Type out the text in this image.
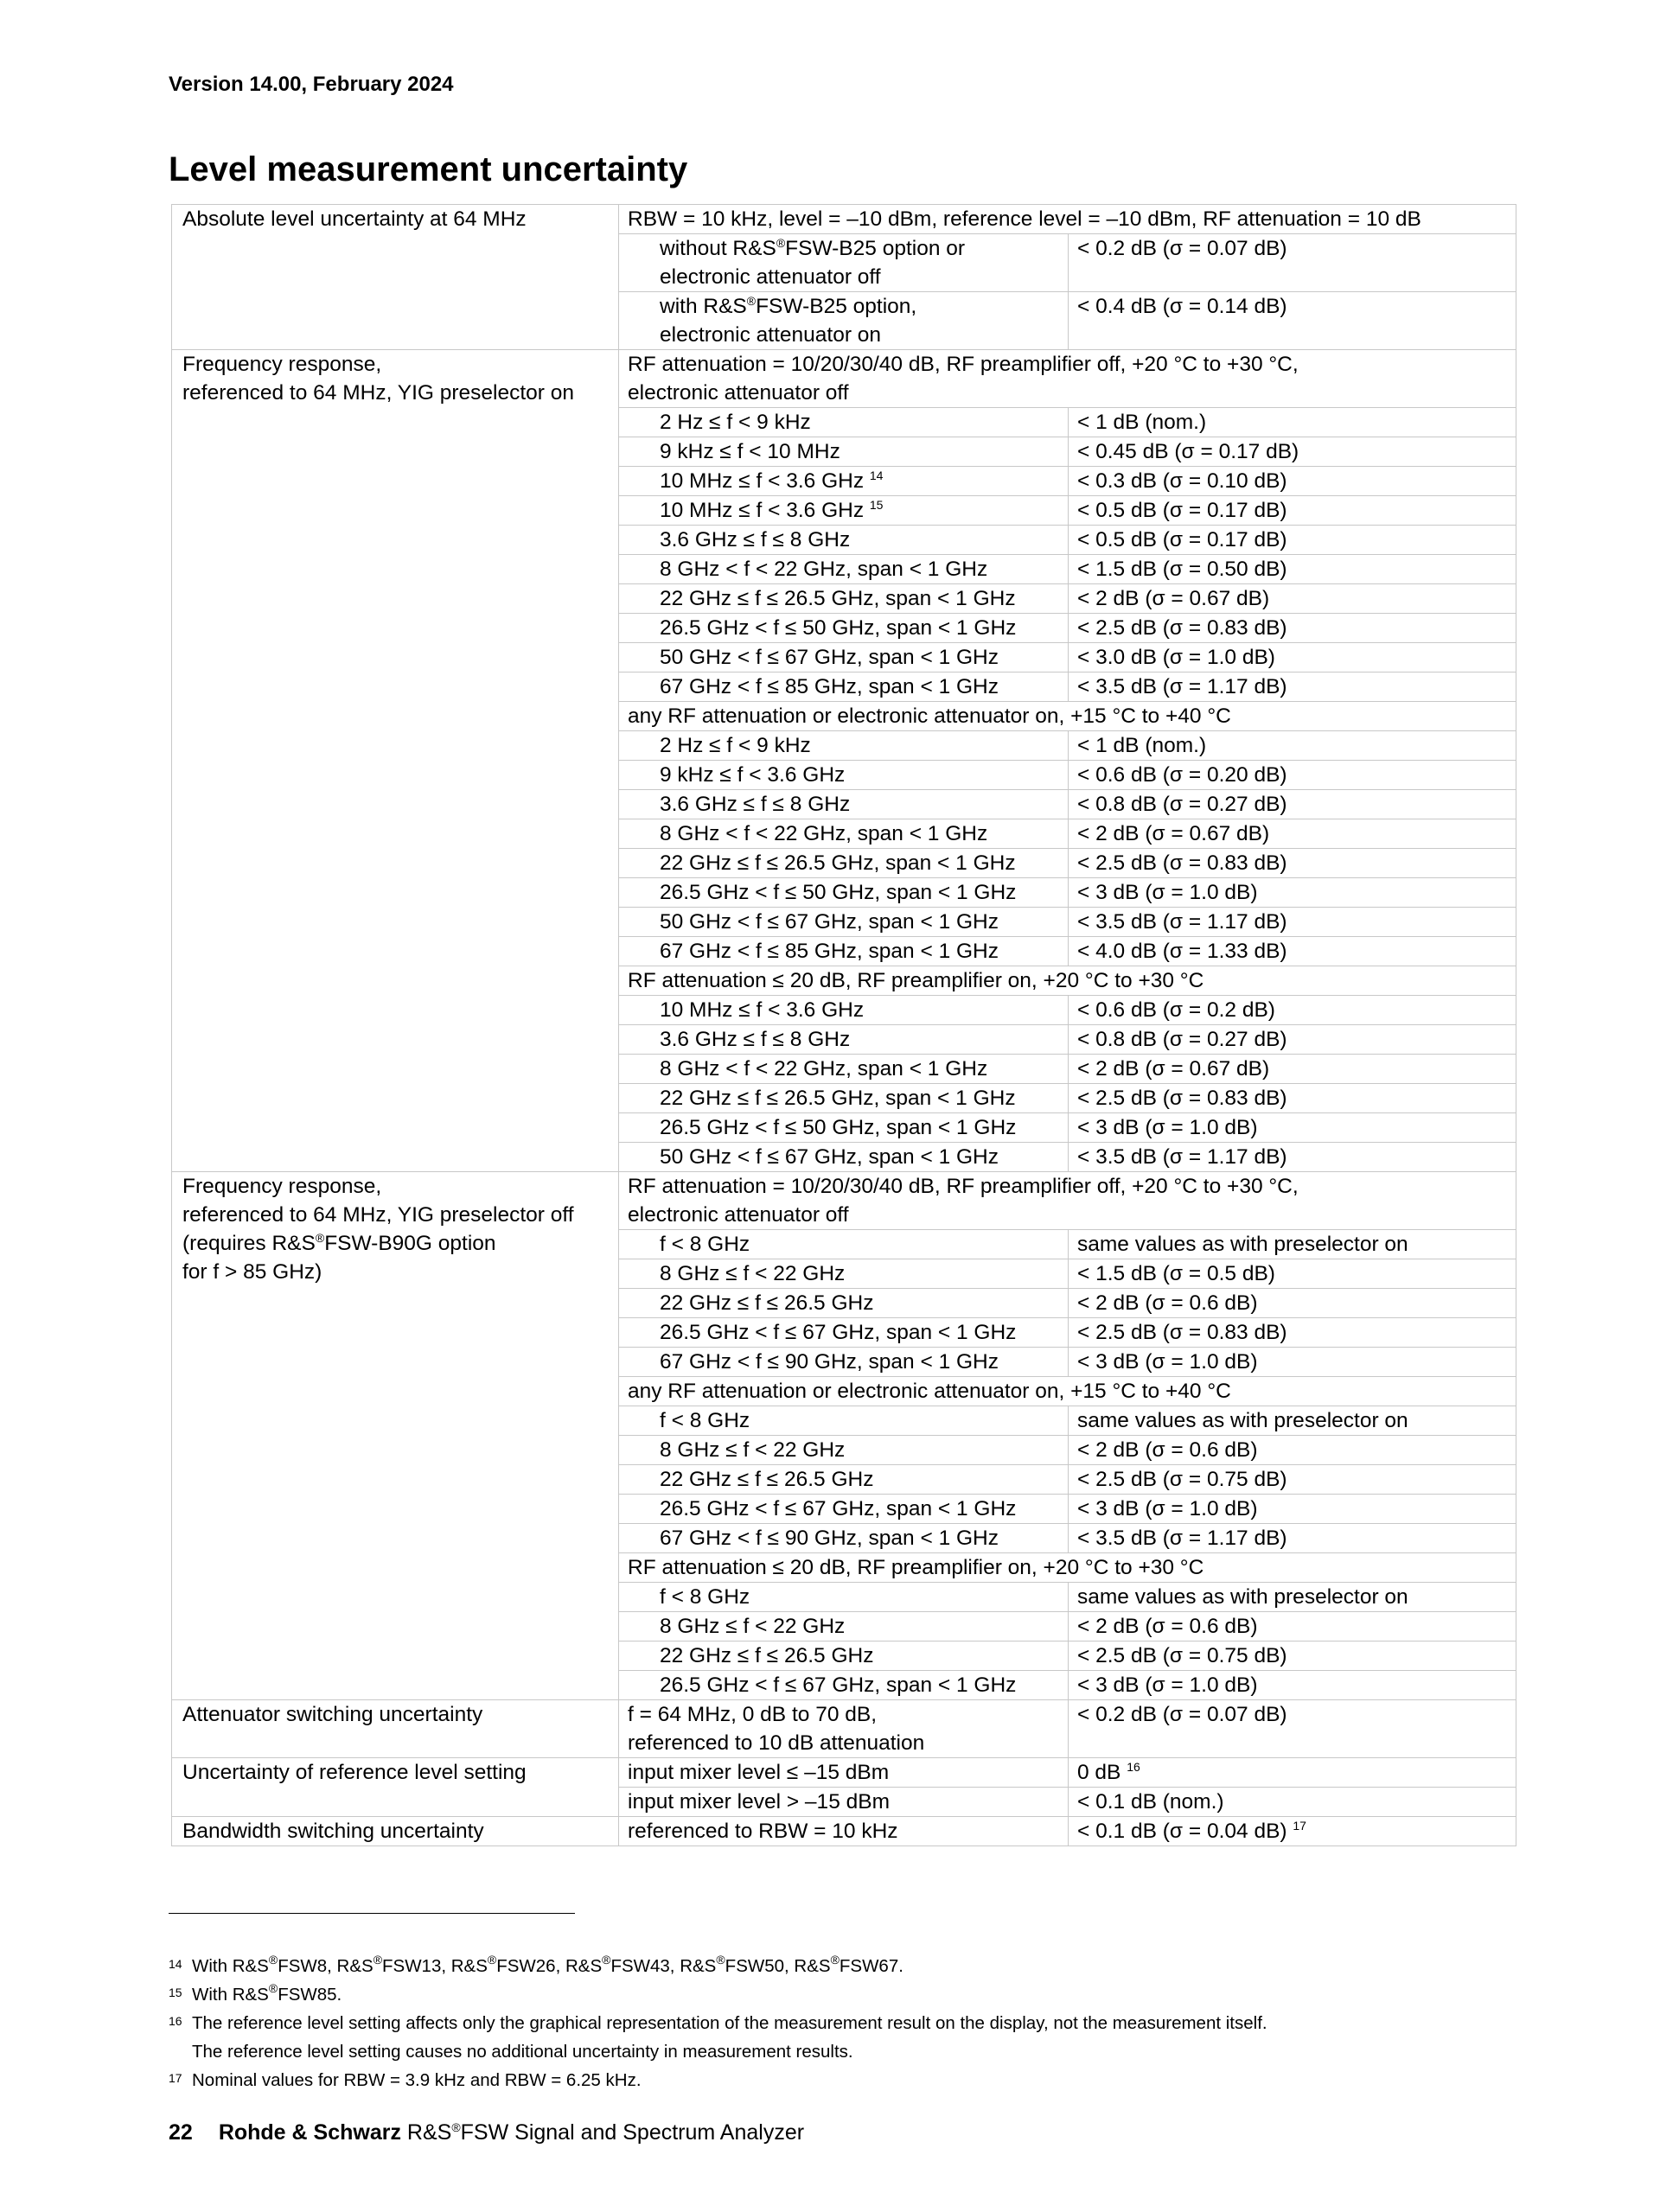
Version 14.00, February 2024
Level measurement uncertainty
Absolute level uncertainty at 64 MHz	RBW = 10 kHz, level = –10 dBm, reference level = –10 dBm, RF attenuation = 10 dB	

	without R&S®FSW-B25 option or
electronic attenuator off	< 0.2 dB (σ = 0.07 dB)

	with R&S®FSW-B25 option,
electronic attenuator on	< 0.4 dB (σ = 0.14 dB)

Frequency response,
referenced to 64 MHz, YIG preselector on	RF attenuation = 10/20/30/40 dB, RF preamplifier off, +20 °C to +30 °C,
electronic attenuator off	

	2 Hz ≤ f < 9 kHz	< 1 dB (nom.)
	9 kHz ≤ f < 10 MHz	< 0.45 dB (σ = 0.17 dB)
	10 MHz ≤ f < 3.6 GHz $^{14}$	< 0.3 dB (σ = 0.10 dB)
	10 MHz ≤ f < 3.6 GHz $^{15}$	< 0.5 dB (σ = 0.17 dB)
	3.6 GHz ≤ f ≤ 8 GHz	< 0.5 dB (σ = 0.17 dB)
	8 GHz < f < 22 GHz, span < 1 GHz	< 1.5 dB (σ = 0.50 dB)
	22 GHz ≤ f ≤ 26.5 GHz, span < 1 GHz	< 2 dB (σ = 0.67 dB)
	26.5 GHz < f ≤ 50 GHz, span < 1 GHz	< 2.5 dB (σ = 0.83 dB)
	50 GHz < f ≤ 67 GHz, span < 1 GHz	< 3.0 dB (σ = 1.0 dB)
	67 GHz < f ≤ 85 GHz, span < 1 GHz	< 3.5 dB (σ = 1.17 dB)

	any RF attenuation or electronic attenuator on, +15 °C to +40 °C	

	2 Hz ≤ f < 9 kHz	< 1 dB (nom.)
	9 kHz ≤ f < 3.6 GHz	< 0.6 dB (σ = 0.20 dB)
	3.6 GHz ≤ f ≤ 8 GHz	< 0.8 dB (σ = 0.27 dB)
	8 GHz < f < 22 GHz, span < 1 GHz	< 2 dB (σ = 0.67 dB)
	22 GHz ≤ f ≤ 26.5 GHz, span < 1 GHz	< 2.5 dB (σ = 0.83 dB)
	26.5 GHz < f ≤ 50 GHz, span < 1 GHz	< 3 dB (σ = 1.0 dB)
	50 GHz < f ≤ 67 GHz, span < 1 GHz	< 3.5 dB (σ = 1.17 dB)
	67 GHz < f ≤ 85 GHz, span < 1 GHz	< 4.0 dB (σ = 1.33 dB)

	RF attenuation ≤ 20 dB, RF preamplifier on, +20 °C to +30 °C	

	10 MHz ≤ f < 3.6 GHz	< 0.6 dB (σ = 0.2 dB)
	3.6 GHz ≤ f ≤ 8 GHz	< 0.8 dB (σ = 0.27 dB)
	8 GHz < f < 22 GHz, span < 1 GHz	< 2 dB (σ = 0.67 dB)
	22 GHz ≤ f ≤ 26.5 GHz, span < 1 GHz	< 2.5 dB (σ = 0.83 dB)
	26.5 GHz < f ≤ 50 GHz, span < 1 GHz	< 3 dB (σ = 1.0 dB)
	50 GHz < f ≤ 67 GHz, span < 1 GHz	< 3.5 dB (σ = 1.17 dB)

Frequency response,
referenced to 64 MHz, YIG preselector off
(requires R&S®FSW-B90G option
for f > 85 GHz)	RF attenuation = 10/20/30/40 dB, RF preamplifier off, +20 °C to +30 °C,
electronic attenuator off	

	f < 8 GHz	same values as with preselector on
	8 GHz ≤ f < 22 GHz	< 1.5 dB (σ = 0.5 dB)
	22 GHz ≤ f ≤ 26.5 GHz	< 2 dB (σ = 0.6 dB)
	26.5 GHz < f ≤ 67 GHz, span < 1 GHz	< 2.5 dB (σ = 0.83 dB)
	67 GHz < f ≤ 90 GHz, span < 1 GHz	< 3 dB (σ = 1.0 dB)

	any RF attenuation or electronic attenuator on, +15 °C to +40 °C	

	f < 8 GHz	same values as with preselector on
	8 GHz ≤ f < 22 GHz	< 2 dB (σ = 0.6 dB)
	22 GHz ≤ f ≤ 26.5 GHz	< 2.5 dB (σ = 0.75 dB)
	26.5 GHz < f ≤ 67 GHz, span < 1 GHz	< 3 dB (σ = 1.0 dB)
	67 GHz < f ≤ 90 GHz, span < 1 GHz	< 3.5 dB (σ = 1.17 dB)

	RF attenuation ≤ 20 dB, RF preamplifier on, +20 °C to +30 °C	

	f < 8 GHz	same values as with preselector on
	8 GHz ≤ f < 22 GHz	< 2 dB (σ = 0.6 dB)
	22 GHz ≤ f ≤ 26.5 GHz	< 2.5 dB (σ = 0.75 dB)
	26.5 GHz < f ≤ 67 GHz, span < 1 GHz	< 3 dB (σ = 1.0 dB)

Attenuator switching uncertainty	f = 64 MHz, 0 dB to 70 dB,
referenced to 10 dB attenuation	< 0.2 dB (σ = 0.07 dB)

Uncertainty of reference level setting	input mixer level ≤ –15 dBm	0 dB $^{16}$
	input mixer level > –15 dBm	< 0.1 dB (nom.)

Bandwidth switching uncertainty	referenced to RBW = 10 kHz	< 0.1 dB (σ = 0.04 dB) $^{17}$
14 With R&S®FSW8, R&S®FSW13, R&S®FSW26, R&S®FSW43, R&S®FSW50, R&S®FSW67.
15 With R&S®FSW85.
16 The reference level setting affects only the graphical representation of the measurement result on the display, not the measurement itself.
The reference level setting causes no additional uncertainty in measurement results.
17 Nominal values for RBW = 3.9 kHz and RBW = 6.25 kHz.
22 Rohde & Schwarz R&S®FSW Signal and Spectrum Analyzer
